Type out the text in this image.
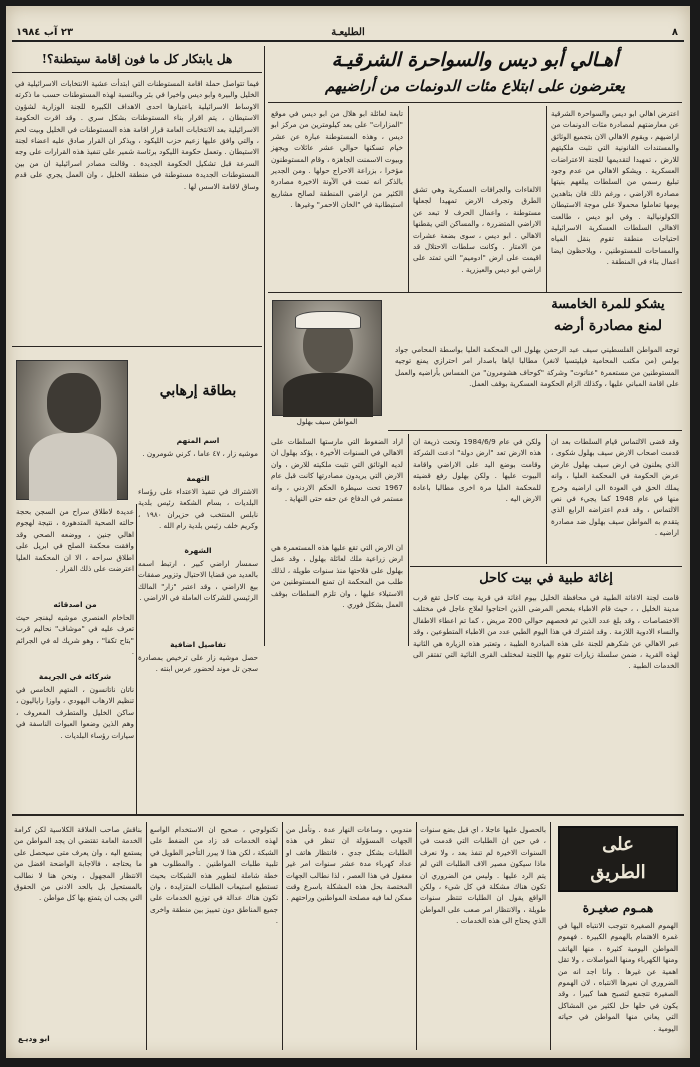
٨
الطليعـة
٢٣ آب ١٩٨٤
أهـالي أبو ديس والسواحرة الشرقيـة
يعترضون على ابتلاع مئات الدونمات من أراضيهم
اعترض اهالي ابو ديس والسواحرة الشرقية عن معارضتهم لمصادرة مئات الدونمات من اراضيهم ، ويقوم الاهالي الان بتجميع الوثائق والمستندات القانونية التي تثبت ملكيتهم للارض ، تمهيدا لتقديمها للجنة الاعتراضات العسكرية . ويشكو الاهالي من عدم وجود تبليغ رسمي من السلطات يبلغهم بنيتها مصادرة الاراضي ، ورغم ذلك فان بتاهدين يومها تعاملوا محمولا على موجة الاستيطان الكولونيالية . وفي ابو ديس ، طالعت الاهالي السلطات العسكرية الاسرائيلية احتياجات منطقة تقوم بنقل المياه والمساحات للمستوطنين ، ويلاحظون ايضا اعمال بناء في المنطقة .
الالغاءات والجرافات العسكرية وهي تشق الطرق وتجرف الارض تمهيدا لجعلها مستوطنة ، واعمال الحرف لا تبعد عن الاراضي المتضررة ، والمساكن التي يقطنها الاهالي . ابو ديس ، سوى بضعة عشرات من الامتار . وكانت سلطات الاحتلال قد اقيمت على ارض "ادوميم" التي تمتد على اراضي ابو ديس والعيزرية .
تابعة لعائلة ابو هلال من ابو ديس في موقع "المزارات" على بعد كيلومترين من مركز ابو ديس ، وهذه المستوطنة عبارة عن عشر خيام تسكنها حوالي عشر عائلات ويجهز وبيوت الاسمنت الجاهزة ، وقام المستوطنون مؤخرا ، بزراعة الاحراج حولها . ومن الجدير بالذكر انه تمت في الآونة الاخيرة مصادرة الكثير من اراضي المنطقة لصالح مشاريع استيطانية في "الخان الاحمر" وغيرها .
يشكو للمرة الخامسة
لمنع مصادرة أرضه
المواطن سيف بهلول
توجه المواطن الفلسطيني سيف عبد الرحمن بهلول الى المحكمة العليا بواسطة المحامي جواد بولس (من مكتب المحامية فيليتسيا لانغر) مطالبا اياها باصدار امر احترازي يمنع توجيه المستوطنين من مستعمرة "عناتوت" وشركة "كوحاف هشومرون" من المساس بأراضيه والعمل على اقامة المباني عليها ، وكذلك الزام الحكومة العسكرية بوقف العمل.
وقد قضى الالتماس قيام السلطات بعد ان قدمت اصحاب الارض سيف بهلول شكوى ، الذي يعلنون في ارض سيف بهلول عارض عرض الحكومة في المحكمة العليا ، وانه يملك الحق في العودة الى اراضيه وخرج منها في عام 1948 كما يجيء في نص الالتماس ، وقد قدم اعتراضه الرابع الذي يتقدم به المواطن سيف بهلول ضد مصادرة اراضيه .
ولكن في عام 1984/6/9 وتحت ذريعة ان هذه الارض تعد "ارض دولة" ادعت الشركة وقامت بوضع اليد على الاراضي واقامة البيوت عليها . ولكن بهلول رفع قضيته للمحكمة العليا مرة اخرى مطالبا باعادة الارض اليه .
اراد الضغوط التي مارستها السلطات على الاهالي في السنوات الأخيرة ، يؤكد بهلول ان لديه الوثائق التي تثبت ملكيته للارض ، وان الارض التي يريدون مصادرتها كانت قبل عام 1967 تحت سيطرة الحكم الاردني ، وانه مستمر في الدفاع عن حقه حتى النهاية .
ان الارض التي تقع عليها هذه المستعمرة هي ارض زراعية ملك لعائلة بهلول ، وقد عمل بهلول على فلاحتها منذ سنوات طويلة ، لذلك طلب من المحكمة ان تمنع المستوطنين من الاستيلاء عليها ، وان تلزم السلطات بوقف العمل بشكل فوري .
إغاثة طبية في بيت كاحل
قامت لجنة الاغاثة الطبية في محافظة الخليل بيوم اغاثة في قرية بيت كاحل تقع قرب مدينة الخليل ، ، حيث قام الاطباء بفحص المرضى الذين احتاجوا لعلاج عاجل في مختلف الاختصاصات ، وقد بلغ عدد الذين تم فحصهم حوالي 200 مريض ، كما تم اعطاء الاطفال والنساء الادوية اللازمة . وقد اشترك في هذا اليوم الطبي عدد من الاطباء المتطوعين ، وقد عبر الاهالي عن شكرهم للجنة على هذه المبادرة الطيبة ، وتعتبر هذه الزيارة هي الثانية لهذه القرية ، ضمن سلسلة زيارات تقوم بها اللجنة لمختلف القرى النائية التي تفتقر الى الخدمات الطبية .
هل يابتكار كل ما فون إقامة سيتطنة؟!
فيما تتواصل حملة اقامة المستوطنات التي ابتدأت عشية الانتخابات الاسرائيلية في الخليل والبيرة وابو ديس واخيرا في بئر وبالنسبة لهذه المستوطنات حسب ما ذكرته الاوساط الاسرائيلية باعتبارها احدى الاهداف الكبيرة للجنة الوزارية لشؤون الاستيطان ، يتم اقرار بناء المستوطنات بشكل سري . وقد اقرت الحكومة الاسرائيلية بعد الانتخابات العامة قرار اقامة هذه المستوطنات في الخليل وبيت لحم ، والتي وافق عليها زعيم حزب الليكود ، ويذكر ان القرار صادق عليه اعضاء لجنة الاستيطان . وتعمل حكومة الليكود برئاسة شمير على تنفيذ هذه القرارات على وجه السرعة قبل تشكيل الحكومة الجديدة . وقالت مصادر اسرائيلية ان من بين المستوطنات الجديدة مستوطنة في منطقة الخليل ، وان العمل يجري على قدم وساق لاقامة الاسس لها .
بطاقة إرهابي
اسم المتهم
موشيه زار ، ٤٧ عاما ، كرني شومرون .
التهمة
الاشتراك في تنفيذ الاعتداء على رؤساء البلديات ، بسام الشكعة رئيس بلدية نابلس المنتخب في حزيران ١٩٨٠ ، وكريم خلف رئيس بلدية رام الله .
الشهرة
سمسار اراضي كبير ، ارتبط اسمه بالعديد من قضايا الاحتيال وتزوير صفقات بيع الاراضي ، وقد اعتبر "زار" المالك الرئيسي للشركات العاملة في الاراضي .
تفاصيل اضافية
حصل موشيه زار على ترخيص بمصادرة سجن تل موند لحضور عرس ابنته .
عديدة لاطلاق سراح من السجن بحجة حالته الصحية المتدهورة ، نتيجة لهجوم اهالي جنين ، ووضعه الصحي وقد وافقت محكمة الصلح في ابريل على اطلاق سراحه ، الا ان المحكمة العليا اعترضت على ذلك القرار .
من اصدقائه
الحاخام العنصري موشيه ليفنجر حيث تعرف عليه في "موشاف" نحاليم قرب "بتاح تكفا" ، وهو شريك له في الجرائم .
شركائه في الجريمة
ناتان ناتانسون ، المتهم الخامس في تنظيم الارهاب اليهودي ، واوزا راياليون ، ساكن الخليل والمتطرف المعروف ، وهم الذين وضعوا العبوات الناسفة في سيارات رؤساء البلديات .
على
الطريق
همـوم صغيـرة
الهموم الصغيرة تتوجب الانتباه اليها في غمرة الاهتمام بالهموم الكبيرة . فهموم المواطن اليومية كثيرة ، منها الهاتف ومنها الكهرباء ومنها المواصلات ، ولا تقل اهمية عن غيرها . وانا اجد انه من الضروري ان نعيرها الانتباه ، لان الهموم الصغيرة تتجمع لتصبح هما كبيرا ، وقد يكون في حلها حل لكثير من المشاكل التي يعاني منها المواطن في حياته اليومية .
بالحصول عليها عاجلا ، اي قبل بضع سنوات ، في حين ان الطلبات التي قدمت في السنوات الاخيرة لم تنفذ بعد ، ولا نعرف ماذا سيكون مصير الاف الطلبات التي لم يتم الرد عليها . وليس من الضروري ان تكون هناك مشكلة في كل شيء ، ولكن الواقع يقول ان الطلبات تنتظر سنوات طويلة ، والانتظار امر صعب على المواطن الذي يحتاج الى هذه الخدمات .
مندوبي ، وساعات النهار عدة . ونأمل من الجهات المسؤولة ان تنظر في هذه الطلبات بشكل جدي ، فانتظار هاتف او عداد كهرباء مدة عشر سنوات امر غير معقول في هذا العصر ، لذا نطالب الجهات المختصة بحل هذه المشكلة باسرع وقت ممكن لما فيه مصلحة المواطنين وراحتهم .
تكنولوجي ، صحيح ان الاستخدام الواسع لهذه الخدمات قد زاد من الضغط على الشبكة ، لكن هذا لا يبرر التأخير الطويل في تلبية طلبات المواطنين . والمطلوب هو خطة شاملة لتطوير هذه الشبكات بحيث تستطيع استيعاب الطلبات المتزايدة ، وان تكون هناك عدالة في توزيع الخدمات على جميع المناطق دون تمييز بين منطقة واخرى .
بناقش صاحب العلاقة الكلاسية لكن كرامة الخدمة العامة تقتضي ان يجد المواطن من يستمع اليه ، وان يعرف متى سيحصل على ما يحتاجه ، فالاجابة الواضحة افضل من الانتظار المجهول ، ونحن هنا لا نطالب بالمستحيل بل بالحد الادنى من الحقوق التي يجب ان يتمتع بها كل مواطن .
ابو وديـع
